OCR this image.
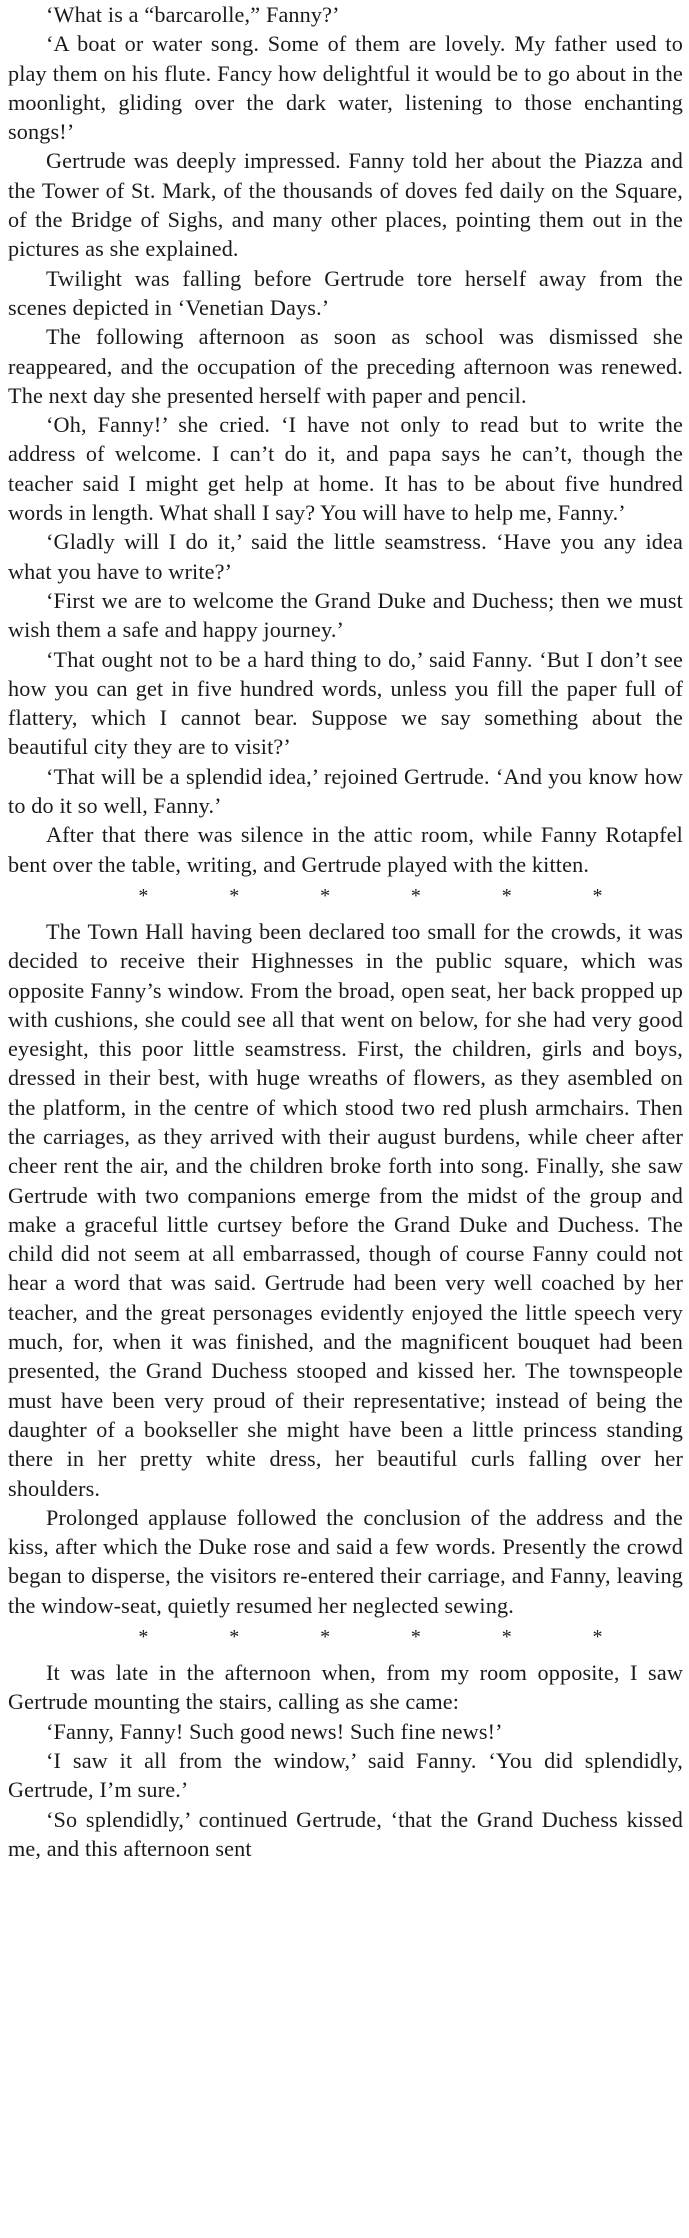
‘What is a “barcarolle,” Fanny?’

‘A boat or water song. Some of them are lovely. My father used to play them on his flute. Fancy how delightful it would be to go about in the moonlight, gliding over the dark water, listening to those enchanting songs!’

Gertrude was deeply impressed. Fanny told her about the Piazza and the Tower of St. Mark, of the thousands of doves fed daily on the Square, of the Bridge of Sighs, and many other places, pointing them out in the pictures as she explained.

Twilight was falling before Gertrude tore herself away from the scenes depicted in ‘Venetian Days.’

The following afternoon as soon as school was dismissed she reappeared, and the occupation of the preceding afternoon was renewed. The next day she presented herself with paper and pencil.

‘Oh, Fanny!’ she cried. ‘I have not only to read but to write the address of welcome. I can’t do it, and papa says he can’t, though the teacher said I might get help at home. It has to be about five hundred words in length. What shall I say? You will have to help me, Fanny.’

‘Gladly will I do it,’ said the little seamstress. ‘Have you any idea what you have to write?’

‘First we are to welcome the Grand Duke and Duchess; then we must wish them a safe and happy journey.’

‘That ought not to be a hard thing to do,’ said Fanny. ‘But I don’t see how you can get in five hundred words, unless you fill the paper full of flattery, which I cannot bear. Suppose we say something about the beautiful city they are to visit?’

‘That will be a splendid idea,’ rejoined Gertrude. ‘And you know how to do it so well, Fanny.’

After that there was silence in the attic room, while Fanny Rotapfel bent over the table, writing, and Gertrude played with the kitten.

*	*	*	*	*	*

The Town Hall having been declared too small for the crowds, it was decided to receive their Highnesses in the public square, which was opposite Fanny’s window. From the broad, open seat, her back propped up with cushions, she could see all that went on below, for she had very good eyesight, this poor little seamstress. First, the children, girls and boys, dressed in their best, with huge wreaths of flowers, as they asembled on the platform, in the centre of which stood two red plush armchairs. Then the carriages, as they arrived with their august burdens, while cheer after cheer rent the air, and the children broke forth into song. Finally, she saw Gertrude with two companions emerge from the midst of the group and make a graceful little curtsey before the Grand Duke and Duchess. The child did not seem at all embarrassed, though of course Fanny could not hear a word that was said. Gertrude had been very well coached by her teacher, and the great personages evidently enjoyed the little speech very much, for, when it was finished, and the magnificent bouquet had been presented, the Grand Duchess stooped and kissed her. The townspeople must have been very proud of their representative; instead of being the daughter of a bookseller she might have been a little princess standing there in her pretty white dress, her beautiful curls falling over her shoulders.

Prolonged applause followed the conclusion of the address and the kiss, after which the Duke rose and said a few words. Presently the crowd began to disperse, the visitors re-entered their carriage, and Fanny, leaving the window-seat, quietly resumed her neglected sewing.

*	*	*	*	*	*

It was late in the afternoon when, from my room opposite, I saw Gertrude mounting the stairs, calling as she came:

‘Fanny, Fanny! Such good news! Such fine news!’

‘I saw it all from the window,’ said Fanny. ‘You did splendidly, Gertrude, I’m sure.’

‘So splendidly,’ continued Gertrude, ‘that the Grand Duchess kissed me, and this afternoon sent
